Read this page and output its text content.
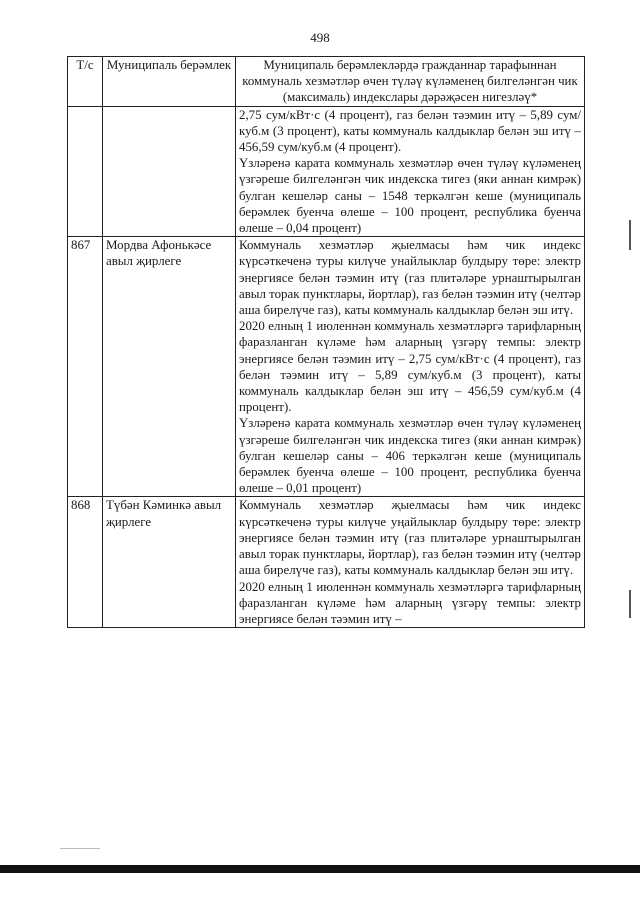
498
Т/с	Муниципаль берәмлек	Муниципаль берәмлекләрдә гражданнар тарафыннан коммуналь хезмәтләр өчен түләү күләменең билгеләнгән чик (максималь) индекслары дәрәҗәсен нигезләү*

		2,75 сум/кВт·с (4 процент), газ белән тәэмин итү – 5,89 сум/куб.м (3 процент), каты коммуналь калдыклар белән эш итү – 456,59 сум/куб.м (4 процент).
Үзләренә карата коммуналь хезмәтләр өчен түләү күләменең үзгәреше билгеләнгән чик индекска тигез (яки аннан кимрәк) булган кешеләр саны – 1548 теркәлгән кеше (муниципаль берәмлек буенча өлеше – 100 процент, республика буенча өлеше – 0,04 процент)

867	Мордва Афонькәсе авыл җирлеге	Коммуналь хезмәтләр җыелмасы һәм чик индекс күрсәткеченә туры килүче унайлыклар булдыру төре: электр энергиясе белән тәэмин итү (газ плитәләре урнаштырылган авыл торак пунктлары, йортлар), газ белән тәэмин итү (челтәр аша бирелүче газ), каты коммуналь калдыклар белән эш итү.
2020 елның 1 июленнән коммуналь хезмәтләргә тарифларның фаразланган күләме һәм аларның үзгәрү темпы: электр энергиясе белән тәэмин итү – 2,75 сум/кВт·с (4 процент), газ белән тәэмин итү – 5,89 сум/куб.м (3 процент), каты коммуналь калдыклар белән эш итү – 456,59 сум/куб.м (4 процент).
Үзләренә карата коммуналь хезмәтләр өчен түләү күләменең үзгәреше билгеләнгән чик индекска тигез (яки аннан кимрәк) булган кешеләр саны – 406 теркәлгән кеше (муниципаль берәмлек буенча өлеше – 100 процент, республика буенча өлеше – 0,01 процент)

868	Түбән Кәминкә авыл җирлеге	Коммуналь хезмәтләр җыелмасы һәм чик индекс күрсәткеченә туры килүче уңайлыклар булдыру төре: электр энергиясе белән тәэмин итү (газ плитәләре урнаштырылган авыл торак пунктлары, йортлар), газ белән тәэмин итү (челтәр аша бирелүче газ), каты коммуналь калдыклар белән эш итү.
2020 елның 1 июленнән коммуналь хезмәтләргә тарифларның фаразланган күләме һәм аларның үзгәрү темпы: электр энергиясе белән тәэмин итү –
